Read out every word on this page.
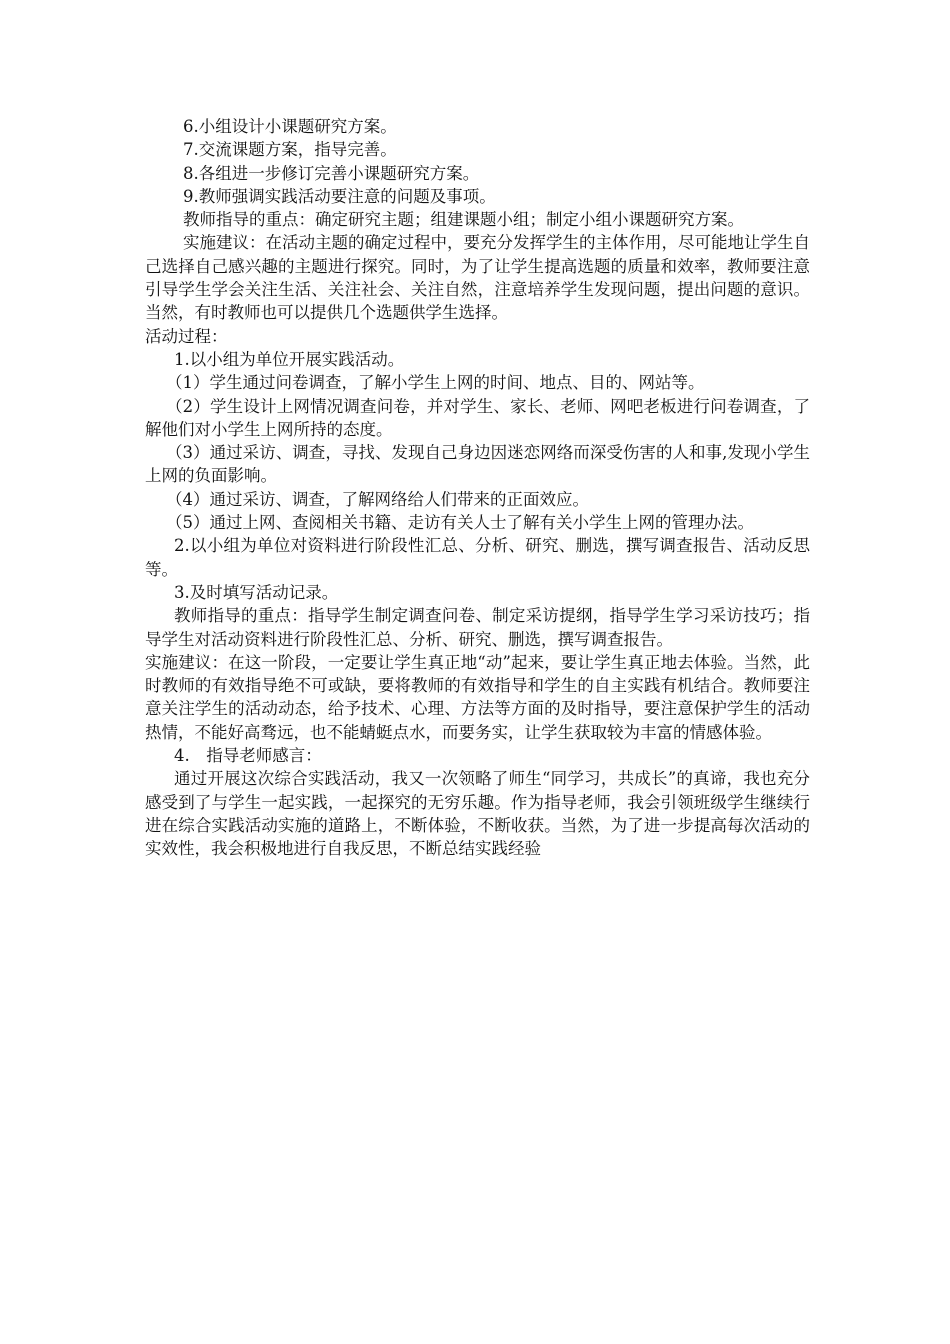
6.小组设计小课题研究方案。

7.交流课题方案，指导完善。

8.各组进一步修订完善小课题研究方案。

9.教师强调实践活动要注意的问题及事项。

教师指导的重点：确定研究主题；组建课题小组；制定小组小课题研究方案。

实施建议：在活动主题的确定过程中，要充分发挥学生的主体作用，尽可能地让学生自己选择自己感兴趣的主题进行探究。同时，为了让学生提高选题的质量和效率，教师要注意引导学生学会关注生活、关注社会、关注自然，注意培养学生发现问题，提出问题的意识。当然，有时教师也可以提供几个选题供学生选择。

活动过程：

1.以小组为单位开展实践活动。

（1）学生通过问卷调查，了解小学生上网的时间、地点、目的、网站等。

（2）学生设计上网情况调查问卷，并对学生、家长、老师、网吧老板进行问卷调查，了解他们对小学生上网所持的态度。

（3）通过采访、调查，寻找、发现自己身边因迷恋网络而深受伤害的人和事,发现小学生上网的负面影响。

（4）通过采访、调查，了解网络给人们带来的正面效应。

（5）通过上网、查阅相关书籍、走访有关人士了解有关小学生上网的管理办法。

2.以小组为单位对资料进行阶段性汇总、分析、研究、删选，撰写调查报告、活动反思等。

3.及时填写活动记录。

教师指导的重点：指导学生制定调查问卷、制定采访提纲，指导学生学习采访技巧；指导学生对活动资料进行阶段性汇总、分析、研究、删选，撰写调查报告。

实施建议：在这一阶段，一定要让学生真正地“动”起来，要让学生真正地去体验。当然，此时教师的有效指导绝不可或缺，要将教师的有效指导和学生的自主实践有机结合。教师要注意关注学生的活动动态，给予技术、心理、方法等方面的及时指导，要注意保护学生的活动热情，不能好高骛远，也不能蜻蜓点水，而要务实，让学生获取较为丰富的情感体验。

4.　指导老师感言：

通过开展这次综合实践活动，我又一次领略了师生“同学习，共成长”的真谛，我也充分感受到了与学生一起实践，一起探究的无穷乐趣。作为指导老师，我会引领班级学生继续行进在综合实践活动实施的道路上，不断体验，不断收获。当然，为了进一步提高每次活动的实效性，我会积极地进行自我反思，不断总结实践经验
